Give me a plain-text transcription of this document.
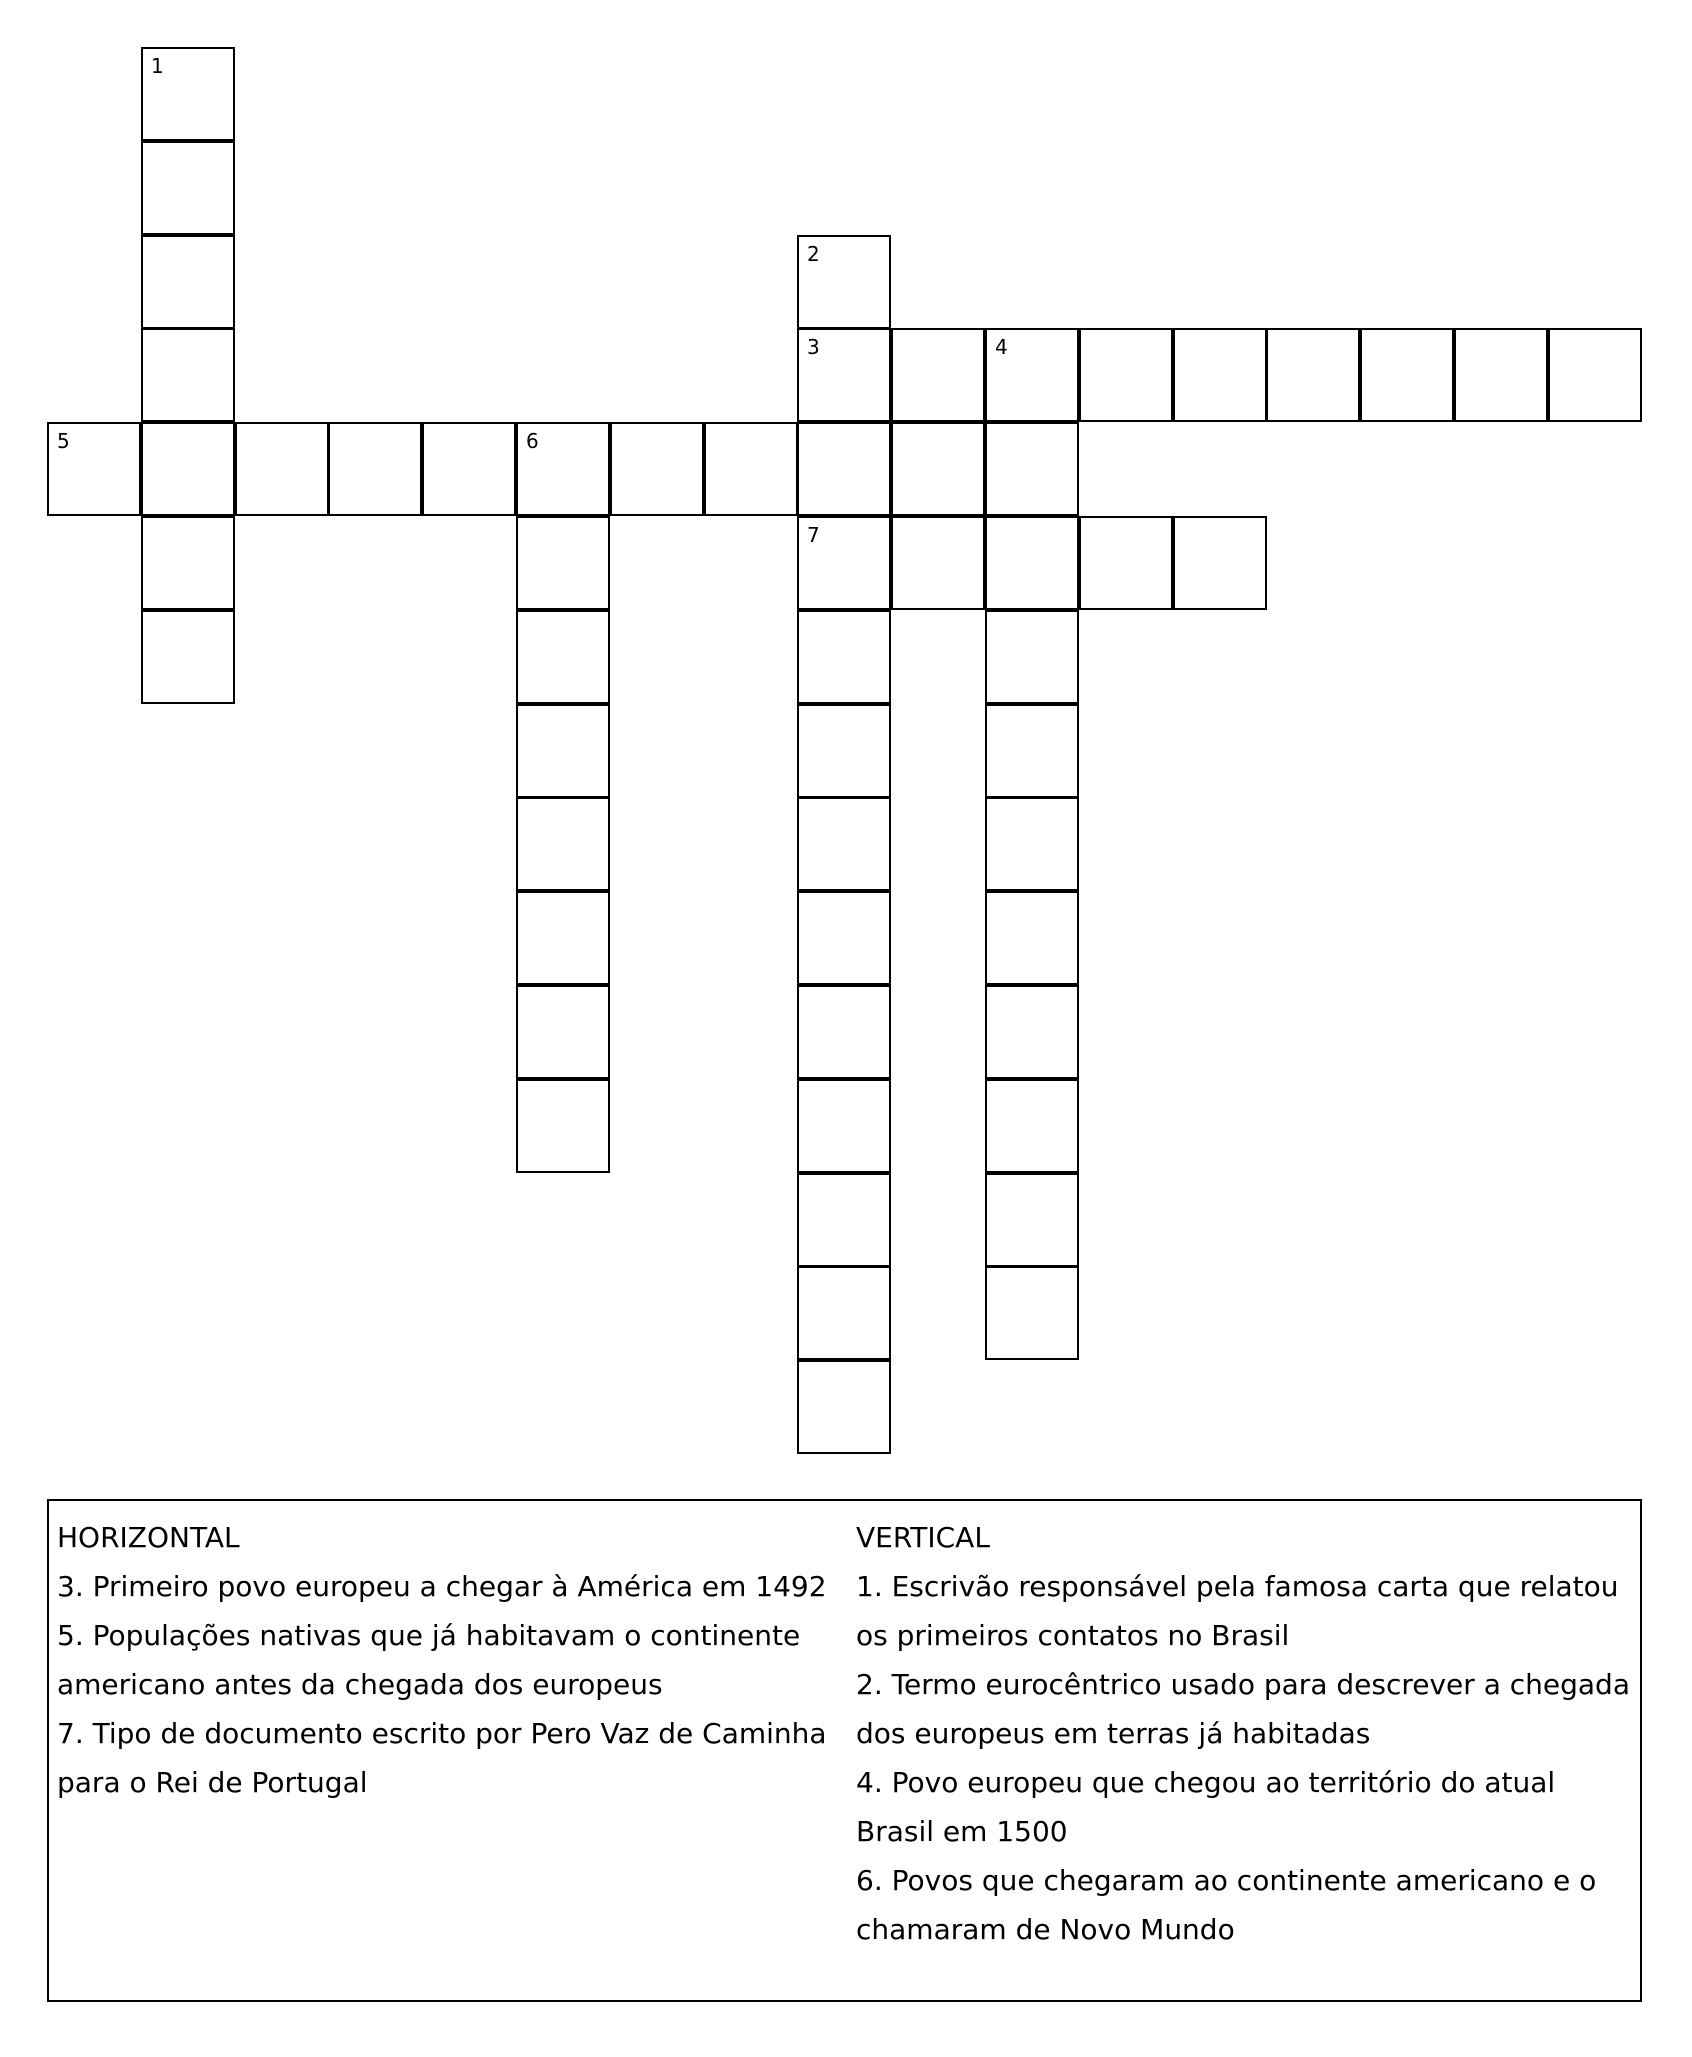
1
2
3
7
4
5	6
HORIZONTAL
3. Primeiro povo europeu a chegar à América em 1492
5. Populações nativas que já habitavam o continente americano antes da chegada dos europeus
7. Tipo de documento escrito por Pero Vaz de Caminha para o Rei de Portugal
VERTICAL
1. Escrivão responsável pela famosa carta que relatou os primeiros contatos no Brasil
2. Termo eurocêntrico usado para descrever a chegada dos europeus em terras já habitadas
4. Povo europeu que chegou ao território do atual Brasil em 1500
6. Povos que chegaram ao continente americano e o chamaram de Novo Mundo
